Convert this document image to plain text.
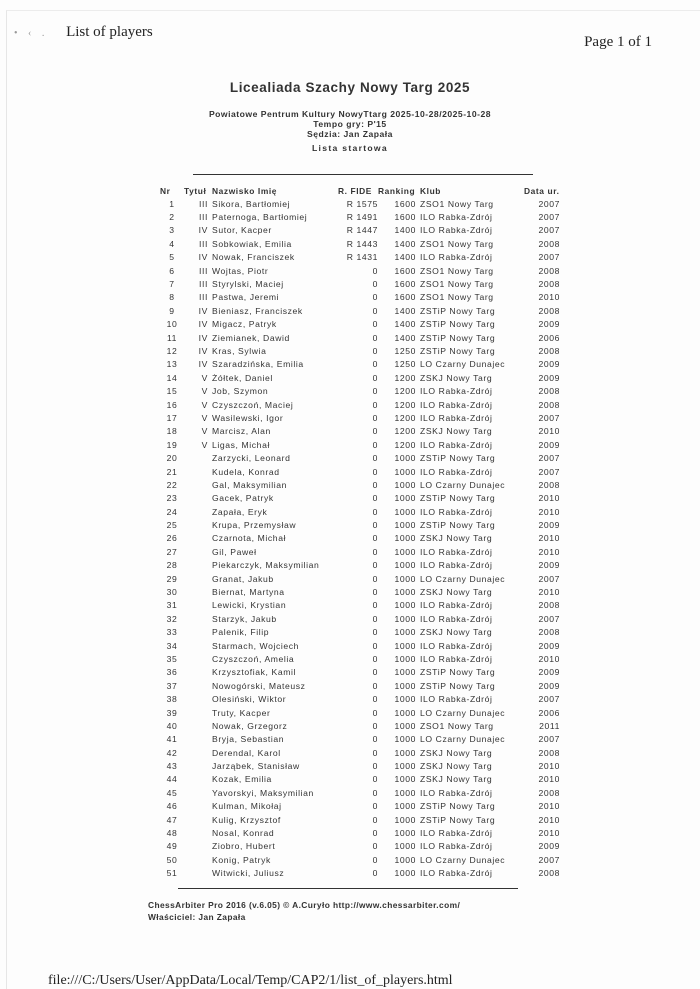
• ‹ . List of players
Page 1 of 1
Licealiada Szachy Nowy Targ 2025
Powiatowe Pentrum Kultury NowyTtarg 2025-10-28/2025-10-28
Tempo gry: P'15
Sędzia: Jan Zapała
Lista startowa
Nr	Tytuł	Nazwisko Imię	R. FIDE	Ranking	Klub	Data ur.
1	III	Sikora, Bartłomiej	R 1575	1600	ZSO1 Nowy Targ	2007
2	III	Paternoga, Bartłomiej	R 1491	1600	ILO Rabka-Zdrój	2007
3	IV	Sutor, Kacper	R 1447	1400	ILO Rabka-Zdrój	2007
4	III	Sobkowiak, Emilia	R 1443	1400	ZSO1 Nowy Targ	2008
5	IV	Nowak, Franciszek	R 1431	1400	ILO Rabka-Zdrój	2007
6	III	Wojtas, Piotr	0	1600	ZSO1 Nowy Targ	2008
7	III	Styrylski, Maciej	0	1600	ZSO1 Nowy Targ	2008
8	III	Pastwa, Jeremi	0	1600	ZSO1 Nowy Targ	2010
9	IV	Bieniasz, Franciszek	0	1400	ZSTiP Nowy Targ	2008
10	IV	Migacz, Patryk	0	1400	ZSTiP Nowy Targ	2009
11	IV	Ziemianek, Dawid	0	1400	ZSTiP Nowy Targ	2006
12	IV	Kras, Sylwia	0	1250	ZSTiP Nowy Targ	2008
13	IV	Szaradzińska, Emilia	0	1250	LO Czarny Dunajec	2009
14	V	Żółtek, Daniel	0	1200	ZSKJ Nowy Targ	2009
15	V	Job, Szymon	0	1200	ILO Rabka-Zdrój	2008
16	V	Czyszczoń, Maciej	0	1200	ILO Rabka-Zdrój	2008
17	V	Wasilewski, Igor	0	1200	ILO Rabka-Zdrój	2007
18	V	Marcisz, Alan	0	1200	ZSKJ Nowy Targ	2010
19	V	Ligas, Michał	0	1200	ILO Rabka-Zdrój	2009
20		Zarzycki, Leonard	0	1000	ZSTiP Nowy Targ	2007
21		Kudela, Konrad	0	1000	ILO Rabka-Zdrój	2007
22		Gal, Maksymilian	0	1000	LO Czarny Dunajec	2008
23		Gacek, Patryk	0	1000	ZSTiP Nowy Targ	2010
24		Zapała, Eryk	0	1000	ILO Rabka-Zdrój	2010
25		Krupa, Przemysław	0	1000	ZSTiP Nowy Targ	2009
26		Czarnota, Michał	0	1000	ZSKJ Nowy Targ	2010
27		Gil, Paweł	0	1000	ILO Rabka-Zdrój	2010
28		Piekarczyk, Maksymilian	0	1000	ILO Rabka-Zdrój	2009
29		Granat, Jakub	0	1000	LO Czarny Dunajec	2007
30		Biernat, Martyna	0	1000	ZSKJ Nowy Targ	2010
31		Lewicki, Krystian	0	1000	ILO Rabka-Zdrój	2008
32		Starzyk, Jakub	0	1000	ILO Rabka-Zdrój	2007
33		Palenik, Filip	0	1000	ZSKJ Nowy Targ	2008
34		Starmach, Wojciech	0	1000	ILO Rabka-Zdrój	2009
35		Czyszczoń, Amelia	0	1000	ILO Rabka-Zdrój	2010
36		Krzysztofiak, Kamil	0	1000	ZSTiP Nowy Targ	2009
37		Nowogórski, Mateusz	0	1000	ZSTiP Nowy Targ	2009
38		Olesiński, Wiktor	0	1000	ILO Rabka-Zdrój	2007
39		Truty, Kacper	0	1000	LO Czarny Dunajec	2006
40		Nowak, Grzegorz	0	1000	ZSO1 Nowy Targ	2011
41		Bryja, Sebastian	0	1000	LO Czarny Dunajec	2007
42		Derendal, Karol	0	1000	ZSKJ Nowy Targ	2008
43		Jarząbek, Stanisław	0	1000	ZSKJ Nowy Targ	2010
44		Kozak, Emilia	0	1000	ZSKJ Nowy Targ	2010
45		Yavorskyi, Maksymilian	0	1000	ILO Rabka-Zdrój	2008
46		Kulman, Mikołaj	0	1000	ZSTiP Nowy Targ	2010
47		Kulig, Krzysztof	0	1000	ZSTiP Nowy Targ	2010
48		Nosal, Konrad	0	1000	ILO Rabka-Zdrój	2010
49		Ziobro, Hubert	0	1000	ILO Rabka-Zdrój	2009
50		Konig, Patryk	0	1000	LO Czarny Dunajec	2007
51		Witwicki, Juliusz	0	1000	ILO Rabka-Zdrój	2008
ChessArbiter Pro 2016 (v.6.05) © A.Curyło http://www.chessarbiter.com/
Właściciel: Jan Zapała
file:///C:/Users/User/AppData/Local/Temp/CAP2/1/list_of_players.html
